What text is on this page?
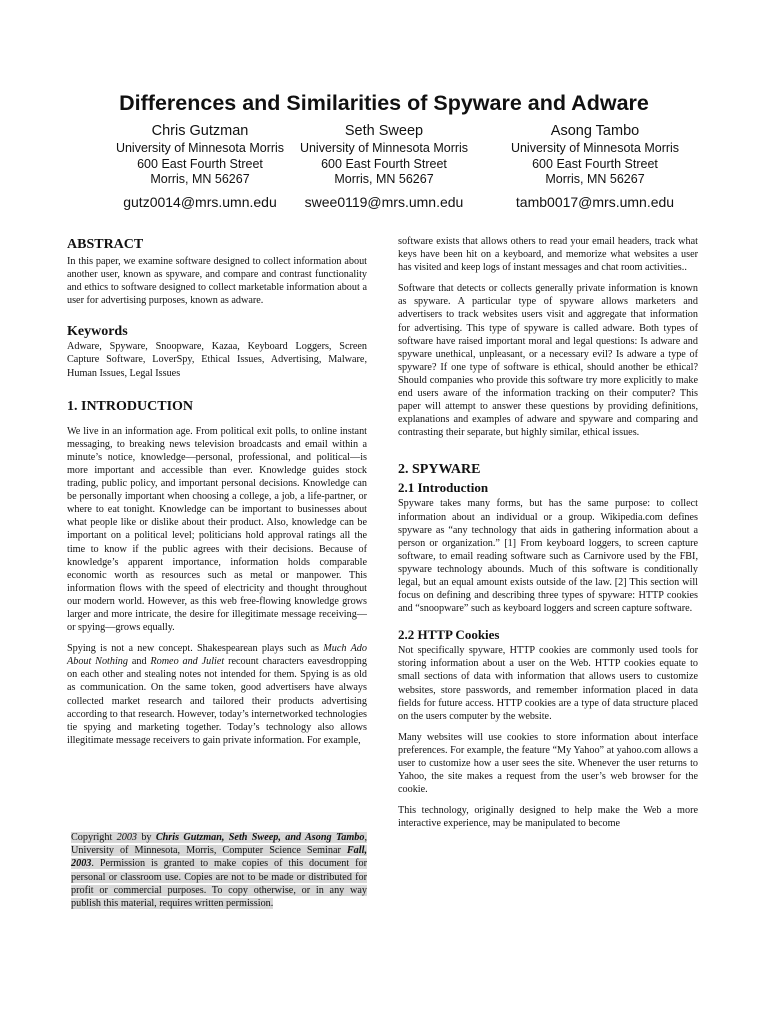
Differences and Similarities of Spyware and Adware
Chris Gutzman
University of Minnesota Morris
600 East Fourth Street
Morris, MN 56267
gutz0014@mrs.umn.edu
Seth Sweep
University of Minnesota Morris
600 East Fourth Street
Morris, MN 56267
swee0119@mrs.umn.edu
Asong Tambo
University of Minnesota Morris
600 East Fourth Street
Morris, MN 56267
tamb0017@mrs.umn.edu
ABSTRACT

In this paper, we examine software designed to collect information about another user, known as spyware, and compare and contrast functionality and ethics to software designed to collect marketable information about a user for advertising purposes, known as adware.

Keywords

Adware, Spyware, Snoopware, Kazaa, Keyboard Loggers, Screen Capture Software, LoverSpy, Ethical Issues, Advertising, Malware, Human Issues, Legal Issues

1. INTRODUCTION

We live in an information age. From political exit polls, to online instant messaging, to breaking news television broadcasts and email within a minute’s notice, knowledge—personal, professional, and political—is more important and accessible than ever. Knowledge guides stock trading, public policy, and important personal decisions. Knowledge can be personally important when choosing a college, a job, a life-partner, or where to eat tonight. Knowledge can be important to businesses about what people like or dislike about their product. Also, knowledge can be important on a political level; politicians hold approval ratings all the time to know if the public agrees with their decisions. Because of knowledge’s apparent importance, information holds comparable economic worth as resources such as metal or manpower. This information flows with the speed of electricity and thought throughout our modern world. However, as this web free-flowing knowledge grows larger and more intricate, the desire for illegitimate message receiving—or spying—grows equally.

Spying is not a new concept. Shakespearean plays such as Much Ado About Nothing and Romeo and Juliet recount characters eavesdropping on each other and stealing notes not intended for them. Spying is as old as communication. On the same token, good advertisers have always collected market research and tailored their products advertising according to that research. However, today’s internetworked technologies tie spying and marketing together. Today’s technology also allows illegitimate message receivers to gain private information. For example,

Copyright 2003 by Chris Gutzman, Seth Sweep, and Asong Tambo, University of Minnesota, Morris, Computer Science Seminar Fall, 2003. Permission is granted to make copies of this document for personal or classroom use. Copies are not to be made or distributed for profit or commercial purposes. To copy otherwise, or in any way publish this material, requires written permission.

software exists that allows others to read your email headers, track what keys have been hit on a keyboard, and memorize what websites a user has visited and keep logs of instant messages and chat room activities..

Software that detects or collects generally private information is known as spyware. A particular type of spyware allows marketers and advertisers to track websites users visit and aggregate that information for advertising. This type of spyware is called adware. Both types of software have raised important moral and legal questions: Is adware and spyware unethical, unpleasant, or a necessary evil? Is adware a type of spyware? If one type of software is ethical, should another be ethical? Should companies who provide this software try more explicitly to make end users aware of the information tracking on their computer? This paper will attempt to answer these questions by providing definitions, explanations and examples of adware and spyware and comparing and contrasting their separate, but highly similar, ethical issues.

2. SPYWARE
2.1 Introduction

Spyware takes many forms, but has the same purpose: to collect information about an individual or a group. Wikipedia.com defines spyware as “any technology that aids in gathering information about a person or organization.” [1] From keyboard loggers, to screen capture software, to email reading software such as Carnivore used by the FBI, spyware technology abounds. Much of this software is conditionally legal, but an equal amount exists outside of the law. [2] This section will focus on defining and describing three types of spyware: HTTP cookies and “snoopware” such as keyboard loggers and screen capture software.

2.2 HTTP Cookies

Not specifically spyware, HTTP cookies are commonly used tools for storing information about a user on the Web. HTTP cookies equate to small sections of data with information that allows users to customize websites, store passwords, and remember information placed in data fields for future access. HTTP cookies are a type of data structure placed on the users computer by the website.

Many websites will use cookies to store information about interface preferences. For example, the feature “My Yahoo” at yahoo.com allows a user to customize how a user sees the site. Whenever the user returns to Yahoo, the site makes a request from the user’s web browser for the cookie.

This technology, originally designed to help make the Web a more interactive experience, may be manipulated to become
